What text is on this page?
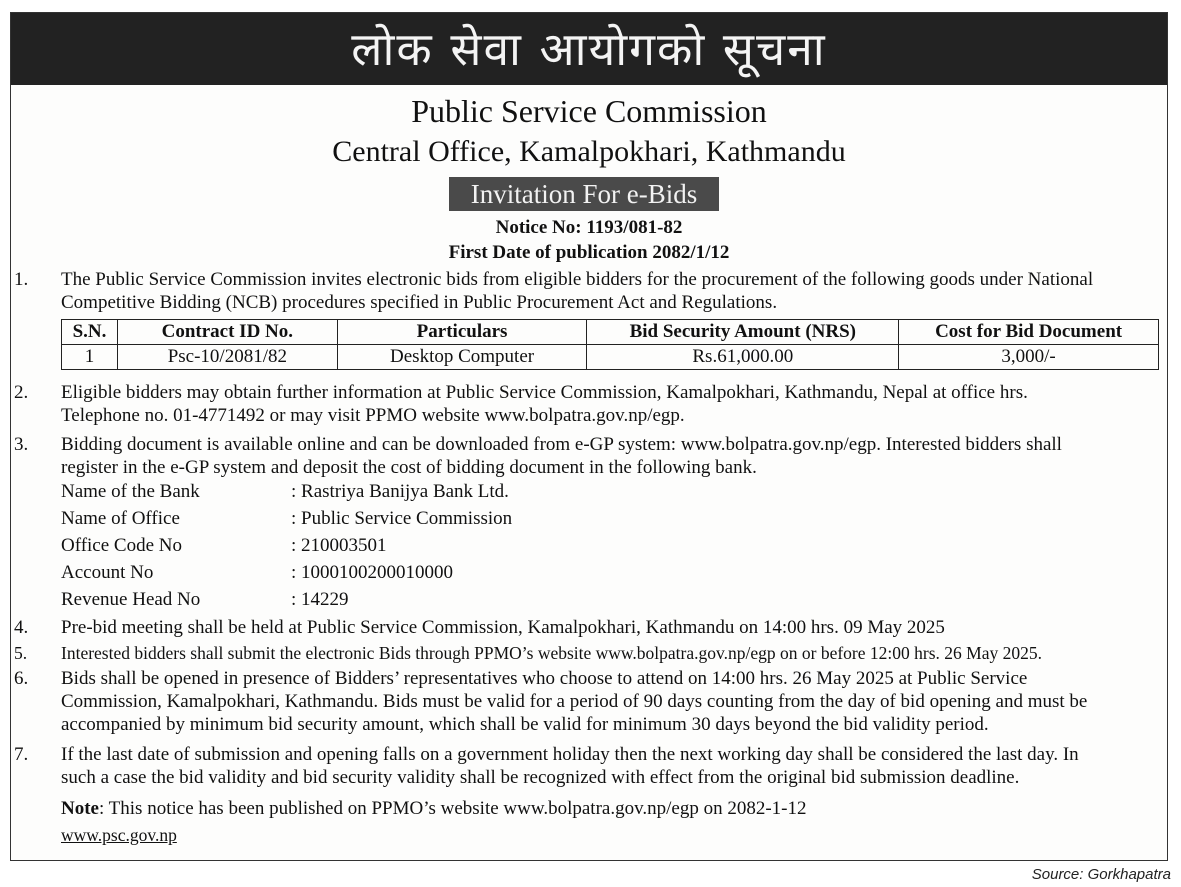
लोक सेवा आयोगको सूचना
Public Service Commission
Central Office, Kamalpokhari, Kathmandu
Invitation For e-Bids
Notice No: 1193/081-82
First Date of publication 2082/1/12
1. The Public Service Commission invites electronic bids from eligible bidders for the procurement of the following goods under National
Competitive Bidding (NCB) procedures specified in Public Procurement Act and Regulations.
S.N.	Contract ID No.	Particulars	Bid Security Amount (NRS)	Cost for Bid Document
1	Psc-10/2081/82	Desktop Computer	Rs.61,000.00	3,000/-
2. Eligible bidders may obtain further information at Public Service Commission, Kamalpokhari, Kathmandu, Nepal at office hrs.
Telephone no. 01-4771492 or may visit PPMO website www.bolpatra.gov.np/egp.
3. Bidding document is available online and can be downloaded from e-GP system: www.bolpatra.gov.np/egp. Interested bidders shall
register in the e-GP system and deposit the cost of bidding document in the following bank.
Name of the Bank	: Rastriya Banijya Bank Ltd.
Name of Office	: Public Service Commission
Office Code No	: 210003501
Account No	: 1000100200010000
Revenue Head No	: 14229
4. Pre-bid meeting shall be held at Public Service Commission, Kamalpokhari, Kathmandu on 14:00 hrs. 09 May 2025
5. Interested bidders shall submit the electronic Bids through PPMO’s website www.bolpatra.gov.np/egp on or before 12:00 hrs. 26 May 2025.
6. Bids shall be opened in presence of Bidders’ representatives who choose to attend on 14:00 hrs. 26 May 2025 at Public Service
Commission, Kamalpokhari, Kathmandu. Bids must be valid for a period of 90 days counting from the day of bid opening and must be
accompanied by minimum bid security amount, which shall be valid for minimum 30 days beyond the bid validity period.
7. If the last date of submission and opening falls on a government holiday then the next working day shall be considered the last day. In
such a case the bid validity and bid security validity shall be recognized with effect from the original bid submission deadline.
Note: This notice has been published on PPMO’s website www.bolpatra.gov.np/egp on 2082-1-12
www.psc.gov.np
Source: Gorkhapatra
